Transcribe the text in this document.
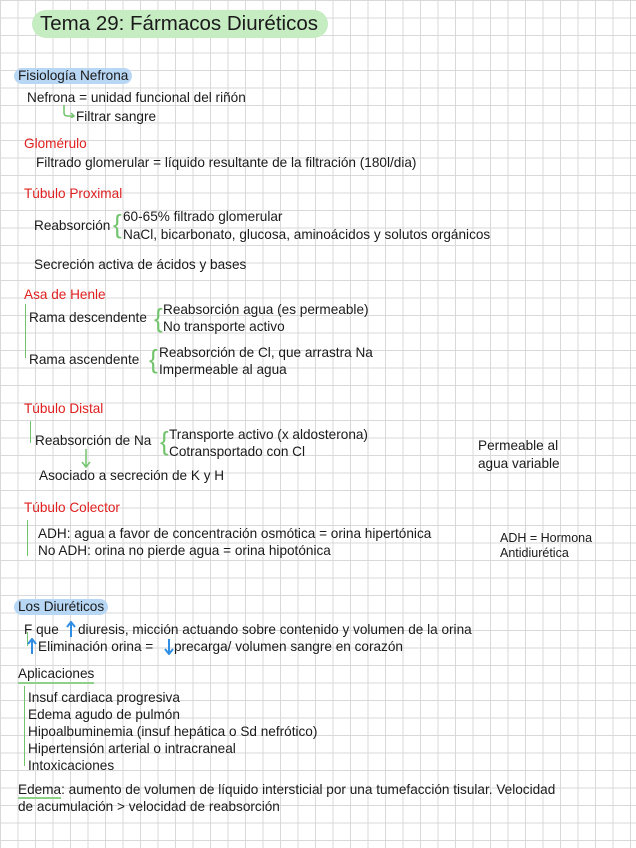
Tema 29: Fármacos Diuréticos
Fisiología Nefrona
Nefrona = unidad funcional del riñón
Filtrar sangre
Glomérulo
Filtrado glomerular = líquido resultante de la filtración (180l/dia)
Túbulo Proximal
Reabsorción { 60-65% filtrado glomerular
NaCl, bicarbonato, glucosa, aminoácidos y solutos orgánicos
Secreción activa de ácidos y bases
Asa de Henle
Rama descendente { Reabsorción agua (es permeable)
No transporte activo
Rama ascendente { Reabsorción de Cl, que arrastra Na
Impermeable al agua
Túbulo Distal
Reabsorción de Na { Transporte activo (x aldosterona)
Cotransportado con Cl
Asociado a secreción de K y H
Permeable al
agua variable
Túbulo Colector
ADH: agua a favor de concentración osmótica = orina hipertónica
No ADH: orina no pierde agua = orina hipotónica
ADH = Hormona
Antidiurética
Los Diuréticos
F que diuresis, micción actuando sobre contenido y volumen de la orina
Eliminación orina = precarga/ volumen sangre en corazón
Aplicaciones
Insuf cardiaca progresiva
Edema agudo de pulmón
Hipoalbuminemia (insuf hepática o Sd nefrótico)
Hipertensión arterial o intracraneal
Intoxicaciones
Edema: aumento de volumen de líquido intersticial por una tumefacción tisular. Velocidad
de acumulación > velocidad de reabsorción
